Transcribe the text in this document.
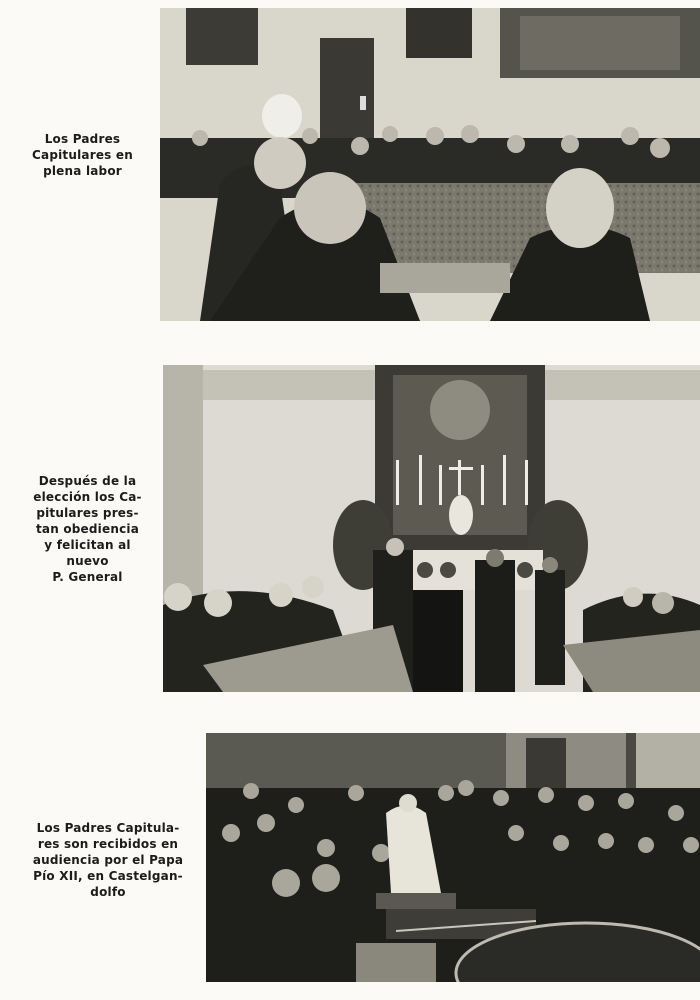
Los Padres
Capitulares en
plena labor
Después de la
elección los Ca-
pitulares pres-
tan obediencia
y felicitan al
nuevo
P. General
Los Padres Capitula-
res son recibidos en
audiencia por el Papa
Pío XII, en Castelgan-
dolfo
